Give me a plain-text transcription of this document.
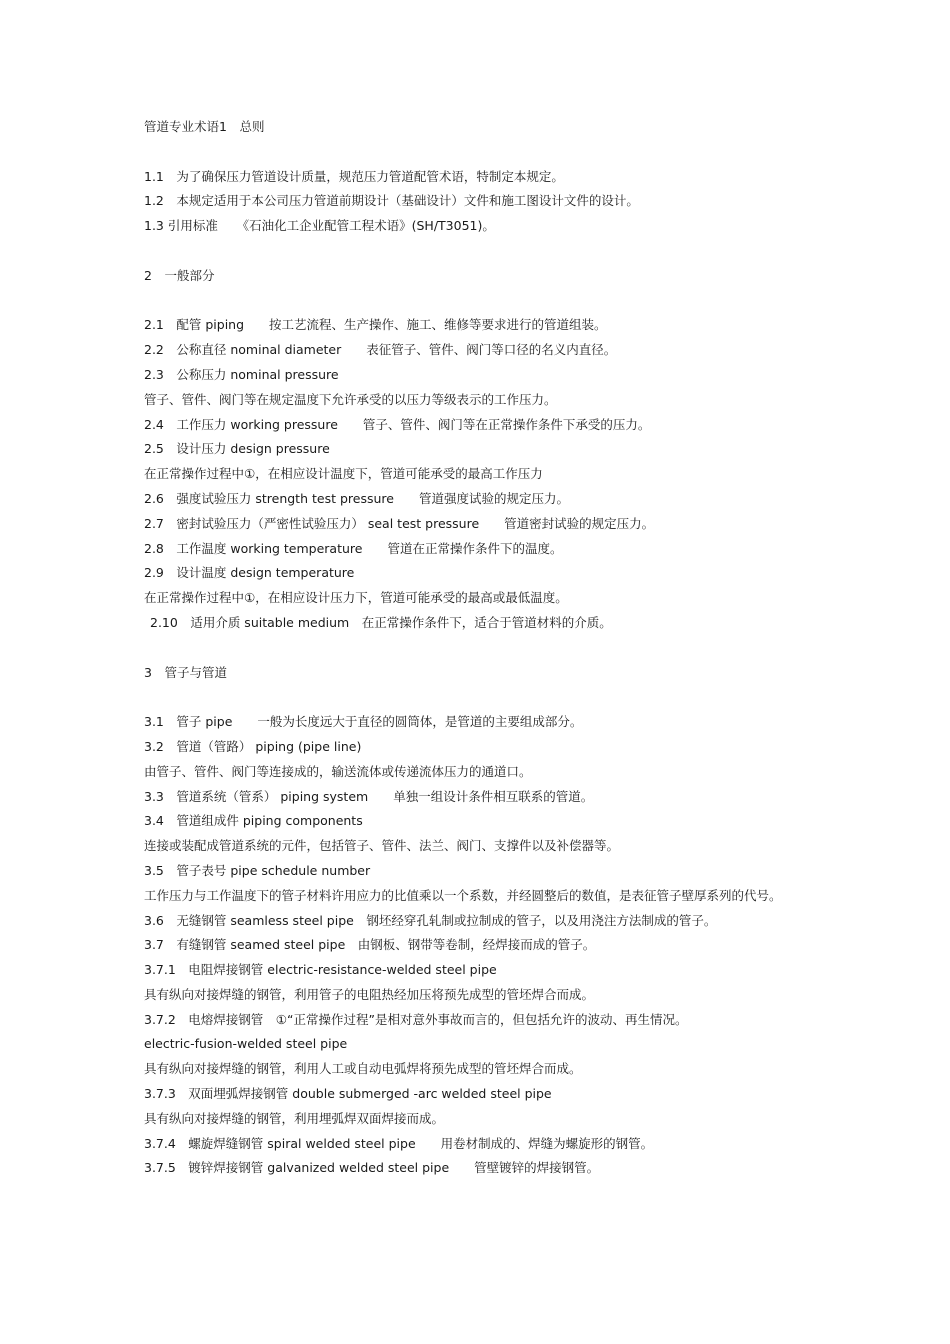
管道专业术语1　总则
1.1　为了确保压力管道设计质量，规范压力管道配管术语，特制定本规定。
1.2　本规定适用于本公司压力管道前期设计（基础设计）文件和施工图设计文件的设计。
1.3 引用标准　　《石油化工企业配管工程术语》(SH/T3051)。
2　一般部分
2.1　配管 piping　　按工艺流程、生产操作、施工、维修等要求进行的管道组装。
2.2　公称直径 nominal diameter　　表征管子、管件、阀门等口径的名义内直径。
2.3　公称压力 nominal pressure
管子、管件、阀门等在规定温度下允许承受的以压力等级表示的工作压力。
2.4　工作压力 working pressure　　管子、管件、阀门等在正常操作条件下承受的压力。
2.5　设计压力 design pressure
在正常操作过程中①，在相应设计温度下，管道可能承受的最高工作压力
2.6　强度试验压力 strength test pressure　　管道强度试验的规定压力。
2.7　密封试验压力（严密性试验压力） seal test pressure　　管道密封试验的规定压力。
2.8　工作温度 working temperature　　管道在正常操作条件下的温度。
2.9　设计温度 design temperature
在正常操作过程中①，在相应设计压力下，管道可能承受的最高或最低温度。
2.10　适用介质 suitable medium　在正常操作条件下，适合于管道材料的介质。
3　管子与管道
3.1　管子 pipe　　一般为长度远大于直径的圆筒体，是管道的主要组成部分。
3.2　管道（管路） piping (pipe line)
由管子、管件、阀门等连接成的，输送流体或传递流体压力的通道口。
3.3　管道系统（管系） piping system　　单独一组设计条件相互联系的管道。
3.4　管道组成件 piping components
连接或装配成管道系统的元件，包括管子、管件、法兰、阀门、支撑件以及补偿器等。
3.5　管子表号 pipe schedule number
工作压力与工作温度下的管子材料许用应力的比值乘以一个系数，并经圆整后的数值，是表征管子壁厚系列的代号。
3.6　无缝钢管 seamless steel pipe　钢坯经穿孔轧制或拉制成的管子，以及用浇注方法制成的管子。
3.7　有缝钢管 seamed steel pipe　由钢板、钢带等卷制，经焊接而成的管子。
3.7.1　电阻焊接钢管 electric-resistance-welded steel pipe
具有纵向对接焊缝的钢管，利用管子的电阻热经加压将预先成型的管坯焊合而成。
3.7.2　电熔焊接钢管　①“正常操作过程”是相对意外事故而言的，但包括允许的波动、再生情况。
electric-fusion-welded steel pipe
具有纵向对接焊缝的钢管，利用人工或自动电弧焊将预先成型的管坯焊合而成。
3.7.3　双面埋弧焊接钢管 double submerged -arc welded steel pipe
具有纵向对接焊缝的钢管，利用埋弧焊双面焊接而成。
3.7.4　螺旋焊缝钢管 spiral welded steel pipe　　用卷材制成的、焊缝为螺旋形的钢管。
3.7.5　镀锌焊接钢管 galvanized welded steel pipe　　管壁镀锌的焊接钢管。
